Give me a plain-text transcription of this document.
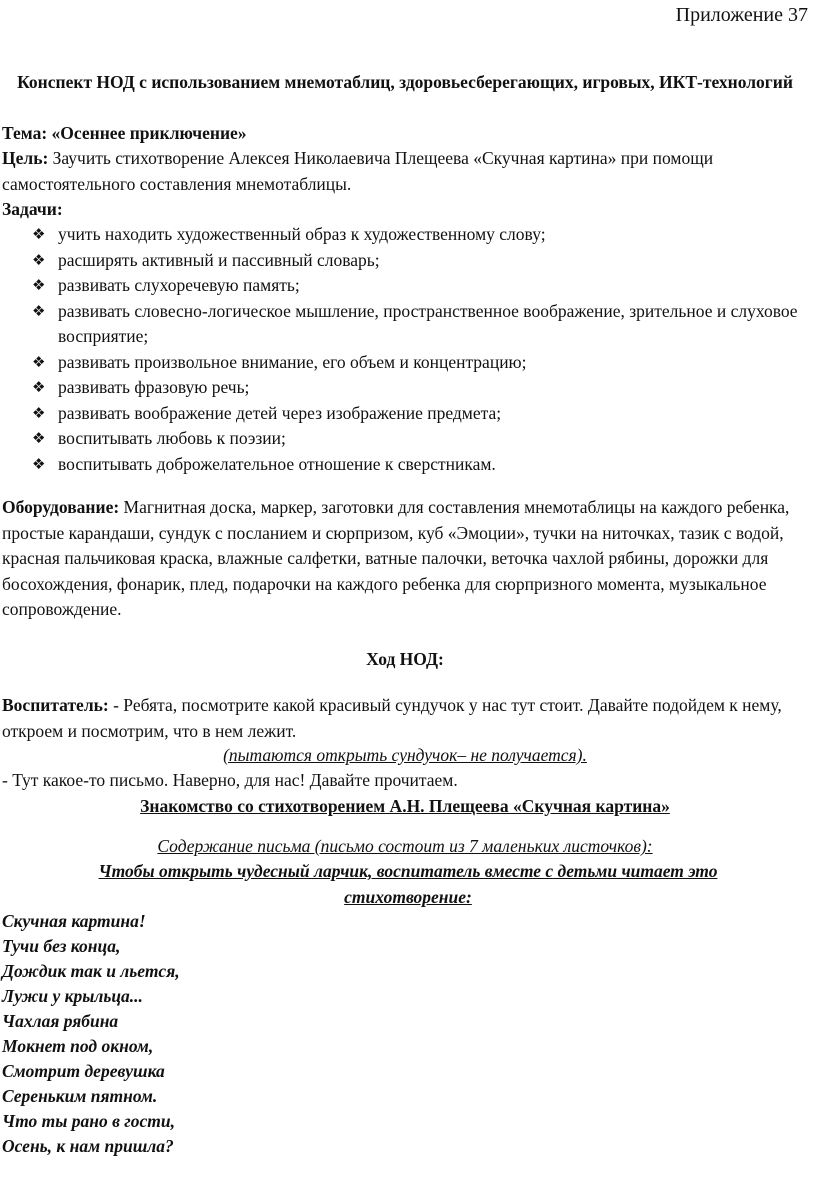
Приложение 37
Конспект НОД с использованием мнемотаблиц, здоровьесберегающих, игровых, ИКТ-технологий
Тема: «Осеннее приключение»
Цель: Заучить стихотворение Алексея Николаевича Плещеева «Скучная картина» при помощи самостоятельного составления мнемотаблицы.
Задачи:
❖ учить находить художественный образ к художественному слову;
❖ расширять активный и пассивный словарь;
❖ развивать слухоречевую память;
❖ развивать словесно-логическое мышление, пространственное воображение, зрительное и слуховое восприятие;
❖ развивать произвольное внимание, его объем и концентрацию;
❖ развивать фразовую речь;
❖ развивать воображение детей через изображение предмета;
❖ воспитывать любовь к поэзии;
❖ воспитывать доброжелательное отношение к сверстникам.
Оборудование: Магнитная доска, маркер, заготовки для составления мнемотаблицы на каждого ребенка, простые карандаши, сундук с посланием и сюрпризом, куб «Эмоции», тучки на ниточках, тазик с водой, красная пальчиковая краска, влажные салфетки, ватные палочки, веточка чахлой рябины, дорожки для босохождения, фонарик, плед, подарочки на каждого ребенка для сюрпризного момента, музыкальное сопровождение.
Ход НОД:
Воспитатель: - Ребята, посмотрите какой красивый сундучок у нас тут стоит. Давайте подойдем к нему, откроем и посмотрим, что в нем лежит.
(пытаются открыть сундучок– не получается).
- Тут какое-то письмо. Наверно, для нас! Давайте прочитаем.
Знакомство со стихотворением А.Н. Плещеева «Скучная картина»
Содержание письма (письмо состоит из 7 маленьких листочков):
Чтобы открыть чудесный ларчик, воспитатель вместе с детьми читает это стихотворение:
Скучная картина!
Тучи без конца,
Дождик так и льется,
Лужи у крыльца...
Чахлая рябина
Мокнет под окном,
Смотрит деревушка
Сереньким пятном.
Что ты рано в гости,
Осень, к нам пришла?
